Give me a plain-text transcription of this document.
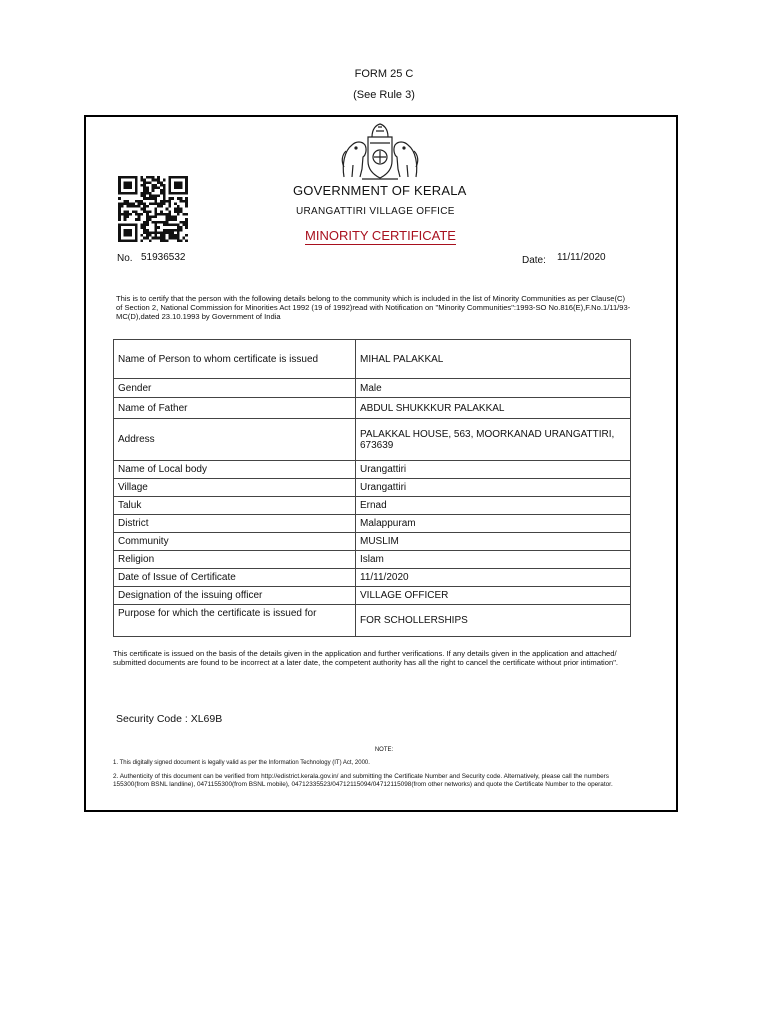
FORM 25 C
(See Rule 3)
GOVERNMENT OF KERALA
URANGATTIRI VILLAGE OFFICE
MINORITY CERTIFICATE
No. 51936532	Date: 11/11/2020
This is to certify that the person with the following details belong to the community which is included in the list of Minority Communities as per Clause(C) of Section 2, National Commission for Minorities Act 1992 (19 of 1992)read with Notification on "Minority Communities":1993-SO No.816(E),F.No.1/11/93-MC(D),dated 23.10.1993 by Government of India
Name of Person to whom certificate is issued	MIHAL PALAKKAL
Gender	Male
Name of Father	ABDUL SHUKKKUR PALAKKAL
Address	PALAKKAL HOUSE, 563, MOORKANAD URANGATTIRI, 673639
Name of Local body	Urangattiri
Village	Urangattiri
Taluk	Ernad
District	Malappuram
Community	MUSLIM
Religion	Islam
Date of Issue of Certificate	11/11/2020
Designation of the issuing officer	VILLAGE OFFICER
Purpose for which the certificate is issued for	FOR SCHOLLERSHIPS
This certificate is issued on the basis of the details given in the application and further verifications. If any details given in the application and attached/ submitted documents are found to be incorrect at a later date, the competent authority has all the right to cancel the certificate without prior intimation".
Security Code : XL69B
NOTE:
1. This digitally signed document is legally valid as per the Information Technology (IT) Act, 2000.
2. Authenticity of this document can be verified from http://edistrict.kerala.gov.in/ and submitting the Certificate Number and Security code. Alternatively, please call the numbers 155300(from BSNL landline), 0471155300(from BSNL mobile), 04712335523/04712115094/04712115098(from other networks) and quote the Certificate Number to the operator.
